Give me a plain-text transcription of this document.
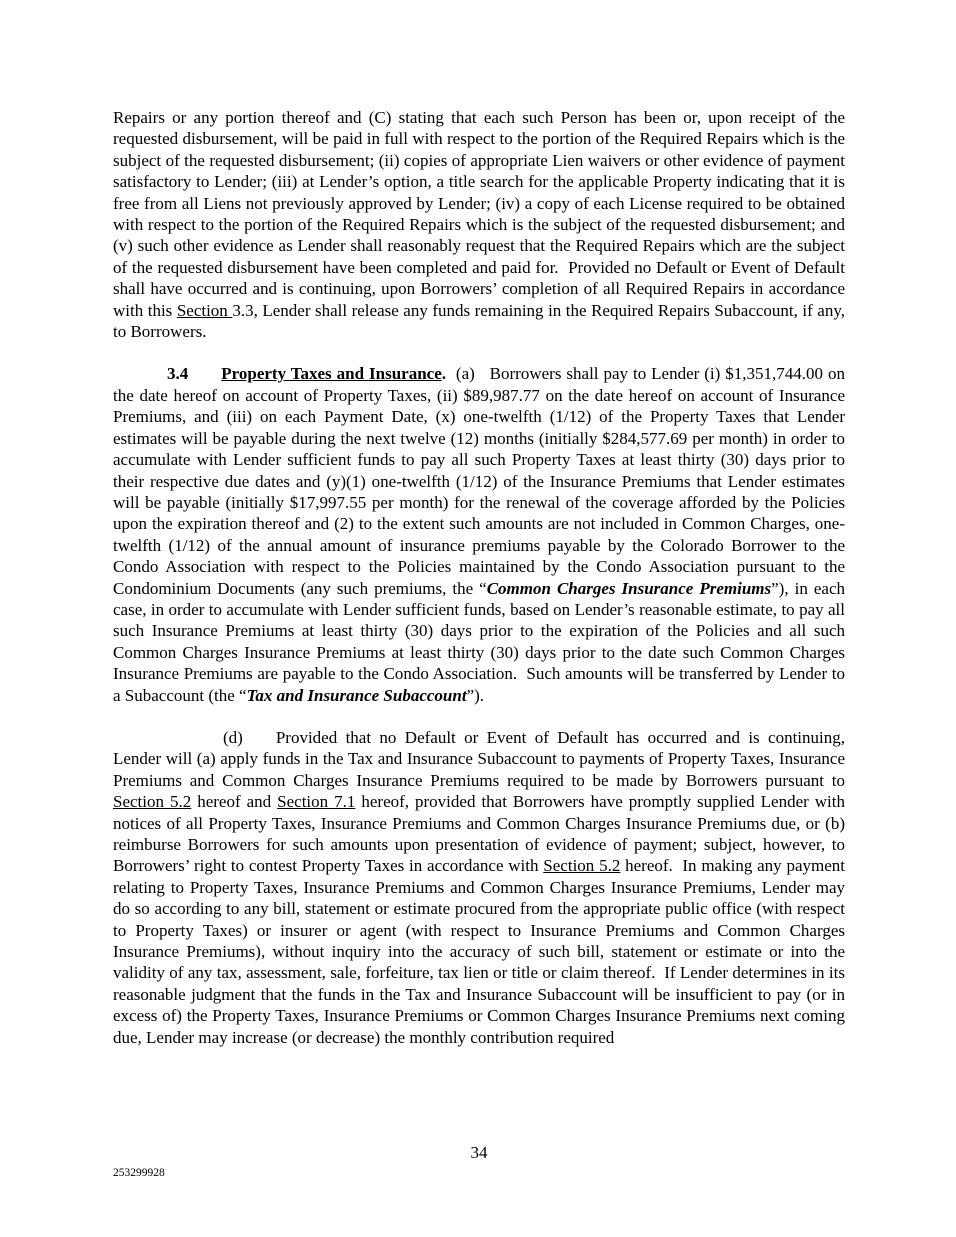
Repairs or any portion thereof and (C) stating that each such Person has been or, upon receipt of the requested disbursement, will be paid in full with respect to the portion of the Required Repairs which is the subject of the requested disbursement; (ii) copies of appropriate Lien waivers or other evidence of payment satisfactory to Lender; (iii) at Lender’s option, a title search for the applicable Property indicating that it is free from all Liens not previously approved by Lender; (iv) a copy of each License required to be obtained with respect to the portion of the Required Repairs which is the subject of the requested disbursement; and (v) such other evidence as Lender shall reasonably request that the Required Repairs which are the subject of the requested disbursement have been completed and paid for.  Provided no Default or Event of Default shall have occurred and is continuing, upon Borrowers’ completion of all Required Repairs in accordance with this Section 3.3, Lender shall release any funds remaining in the Required Repairs Subaccount, if any, to Borrowers.

3.4 Property Taxes and Insurance.  (a)   Borrowers shall pay to Lender (i) $1,351,744.00 on the date hereof on account of Property Taxes, (ii) $89,987.77 on the date hereof on account of Insurance Premiums, and (iii) on each Payment Date, (x) one-twelfth (1/12) of the Property Taxes that Lender estimates will be payable during the next twelve (12) months (initially $284,577.69 per month) in order to accumulate with Lender sufficient funds to pay all such Property Taxes at least thirty (30) days prior to their respective due dates and (y)(1) one-twelfth (1/12) of the Insurance Premiums that Lender estimates will be payable (initially $17,997.55 per month) for the renewal of the coverage afforded by the Policies upon the expiration thereof and (2) to the extent such amounts are not included in Common Charges, one-twelfth (1/12) of the annual amount of insurance premiums payable by the Colorado Borrower to the Condo Association with respect to the Policies maintained by the Condo Association pursuant to the Condominium Documents (any such premiums, the “Common Charges Insurance Premiums”), in each case, in order to accumulate with Lender sufficient funds, based on Lender’s reasonable estimate, to pay all such Insurance Premiums at least thirty (30) days prior to the expiration of the Policies and all such Common Charges Insurance Premiums at least thirty (30) days prior to the date such Common Charges Insurance Premiums are payable to the Condo Association.  Such amounts will be transferred by Lender to a Subaccount (the “Tax and Insurance Subaccount”).

(d) Provided that no Default or Event of Default has occurred and is continuing, Lender will (a) apply funds in the Tax and Insurance Subaccount to payments of Property Taxes, Insurance Premiums and Common Charges Insurance Premiums required to be made by Borrowers pursuant to Section 5.2 hereof and Section 7.1 hereof, provided that Borrowers have promptly supplied Lender with notices of all Property Taxes, Insurance Premiums and Common Charges Insurance Premiums due, or (b) reimburse Borrowers for such amounts upon presentation of evidence of payment; subject, however, to Borrowers’ right to contest Property Taxes in accordance with Section 5.2 hereof.  In making any payment relating to Property Taxes, Insurance Premiums and Common Charges Insurance Premiums, Lender may do so according to any bill, statement or estimate procured from the appropriate public office (with respect to Property Taxes) or insurer or agent (with respect to Insurance Premiums and Common Charges Insurance Premiums), without inquiry into the accuracy of such bill, statement or estimate or into the validity of any tax, assessment, sale, forfeiture, tax lien or title or claim thereof.  If Lender determines in its reasonable judgment that the funds in the Tax and Insurance Subaccount will be insufficient to pay (or in excess of) the Property Taxes, Insurance Premiums or Common Charges Insurance Premiums next coming due, Lender may increase (or decrease) the monthly contribution required

34
253299928
